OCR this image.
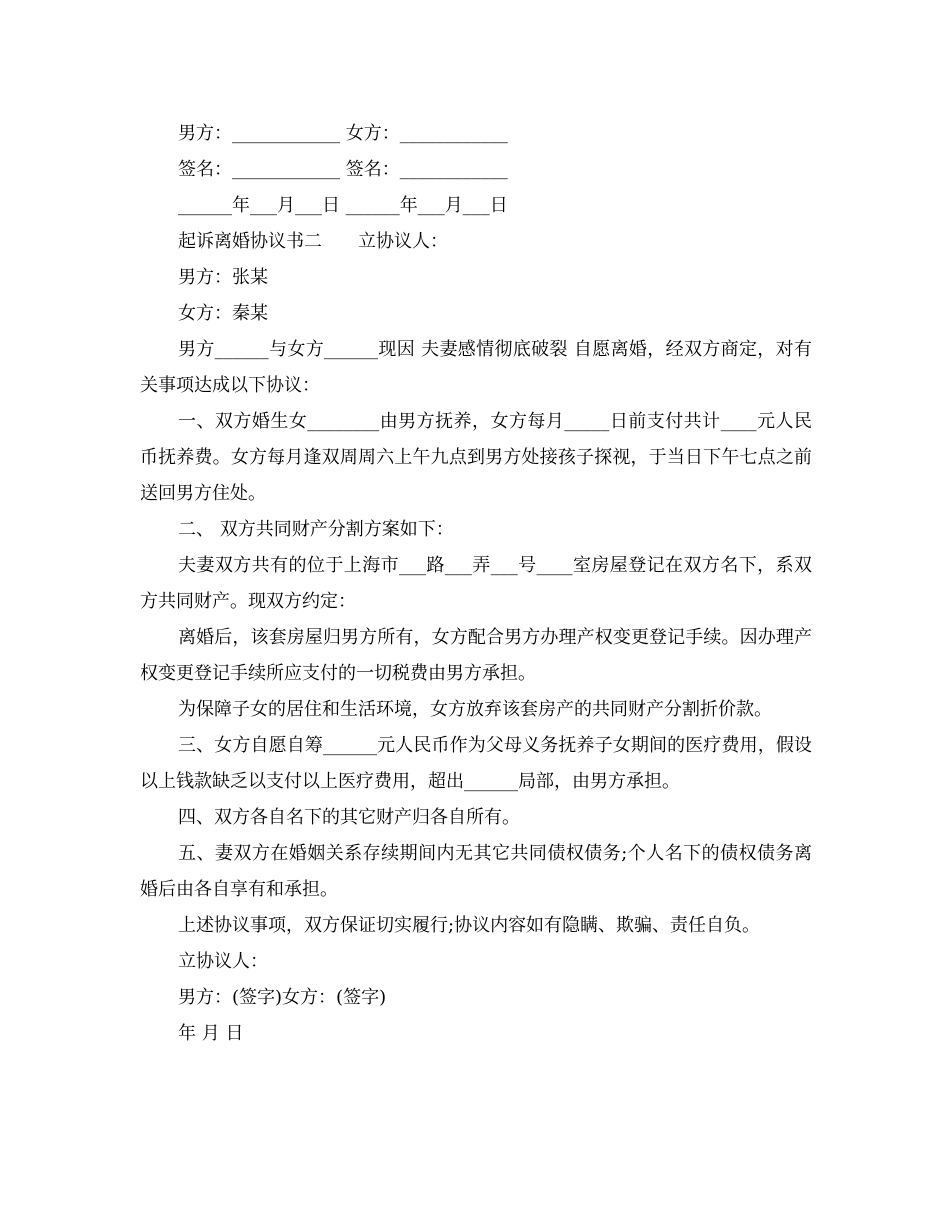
男方：____________ 女方：____________
签名：____________ 签名：____________
______年___月___日 ______年___月___日
起诉离婚协议书二　　立协议人：
男方：张某
女方：秦某
男方______与女方______现因 夫妻感情彻底破裂 自愿离婚，经双方商定，对有关事项达成以下协议：
一、双方婚生女________由男方抚养，女方每月_____日前支付共计____元人民币抚养费。女方每月逢双周周六上午九点到男方处接孩子探视，于当日下午七点之前送回男方住处。
二、 双方共同财产分割方案如下：
夫妻双方共有的位于上海市___路___弄___号____室房屋登记在双方名下，系双方共同财产。现双方约定：
离婚后，该套房屋归男方所有，女方配合男方办理产权变更登记手续。因办理产权变更登记手续所应支付的一切税费由男方承担。
为保障子女的居住和生活环境，女方放弃该套房产的共同财产分割折价款。
三、女方自愿自筹______元人民币作为父母义务抚养子女期间的医疗费用，假设以上钱款缺乏以支付以上医疗费用，超出______局部，由男方承担。
四、双方各自名下的其它财产归各自所有。
五、妻双方在婚姻关系存续期间内无其它共同债权债务;个人名下的债权债务离婚后由各自享有和承担。
上述协议事项，双方保证切实履行;协议内容如有隐瞒、欺骗、责任自负。
立协议人：
男方：(签字)女方：(签字)
年 月 日
